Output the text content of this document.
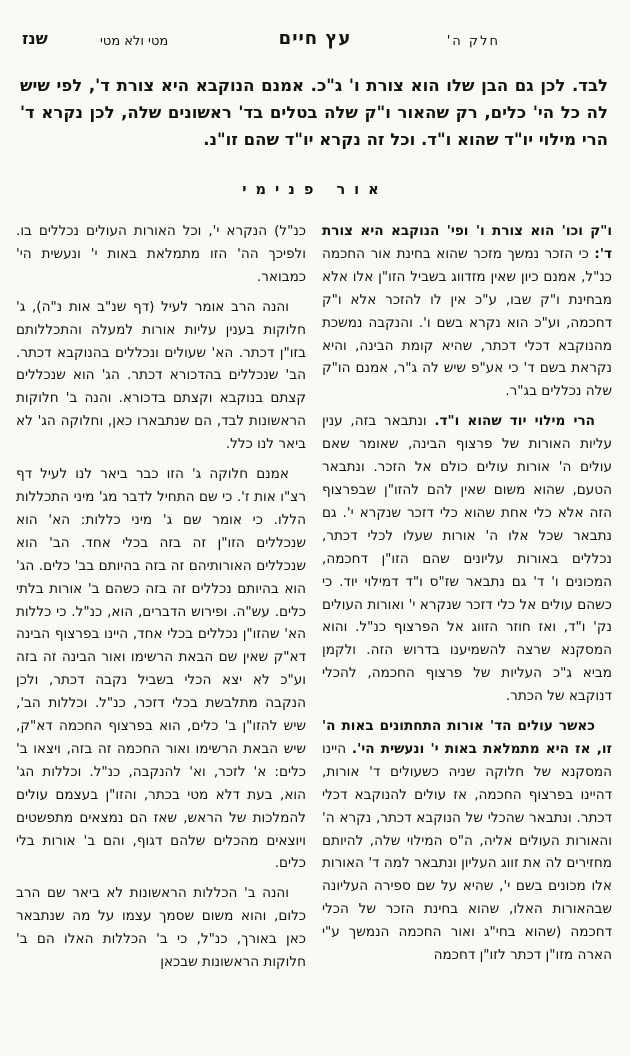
חלק ה'
עץ חיים
מטי ולא מטי
שנז
לבד. לכן גם הבן שלו הוא צורת ו' ג"כ. אמנם הנוקבא היא צורת ד', לפי שיש לה כל הי' כלים, רק שהאור ו"ק שלה בטלים בד' ראשונים שלה, לכן נקרא ד' הרי מילוי יו"ד שהוא ו"ד. וכל זה נקרא יו"ד שהם זו"נ.
אור פנימי

ו"ק וכו' הוא צורת ו' ופי' הנוקבא היא צורת ד': כי הזכר נמשך מזכר שהוא בחינת אור החכמה כנ"ל, אמנם כיון שאין מזדווג בשביל הזו"ן אלו אלא מבחינת ו"ק שבו, ע"כ אין לו להזכר אלא ו"ק דחכמה, וע"כ הוא נקרא בשם ו'. והנקבה נמשכת מהנוקבא דכלי דכתר, שהיא קומת הבינה, והיא נקראת בשם ד' כי אע"פ שיש לה ג"ר, אמנם הו"ק שלה נכללים בג"ר.

הרי מילוי יוד שהוא ו"ד. ונתבאר בזה, ענין עליות האורות של פרצוף הבינה, שאומר שאם עולים ה' אורות עולים כולם אל הזכר. ונתבאר הטעם, שהוא משום שאין להם להזו"ן שבפרצוף הזה אלא כלי אחת שהוא כלי דזכר שנקרא י'. גם נתבאר שכל אלו ה' אורות שעלו לכלי דכתר, נכללים באורות עליונים שהם הזו"ן דחכמה, המכונים ו' ד' גם נתבאר שז"ס ו"ד דמילוי יוד. כי כשהם עולים אל כלי דזכר שנקרא י' ואורות העולים נק' ו"ד, ואז חוזר הזווג אל הפרצוף כנ"ל. והוא המסקנא שרצה להשמיענו בדרוש הזה. ולקמן מביא ג"כ העליות של פרצוף החכמה, להכלי דנוקבא של הכתר.

כאשר עולים הד' אורות התחתונים באות ה' זו, אז היא מתמלאת באות י' ונעשית הי'. היינו המסקנא של חלוקה שניה כשעולים ד' אורות, דהיינו בפרצוף החכמה, אז עולים להנוקבא דכלי דכתר. ונתבאר שהכלי של הנוקבא דכתר, נקרא ה' והאורות העולים אליה, ה"ס המילוי שלה, להיותם מחזירים לה את זווג העליון ונתבאר למה ד' האורות אלו מכונים בשם י', שהיא על שם ספירה העליונה שבהאורות האלו, שהוא בחינת הזכר של הכלי דחכמה (שהוא בחי"ג ואור החכמה הנמשך ע"י הארה מזו"ן דכתר לזו"ן דחכמה

כנ"ל) הנקרא י', וכל האורות העולים נכללים בו. ולפיכך הה' הזו מתמלאת באות י' ונעשית הי' כמבואר.

והנה הרב אומר לעיל (דף שנ"ב אות נ"ה), ג' חלוקות בענין עליות אורות למעלה והתכללותם בזו"ן דכתר. הא' שעולים ונכללים בהנוקבא דכתר. הב' שנכללים בהדכורא דכתר. הג' הוא שנכללים קצתם בנוקבא וקצתם בדכורא. והנה ב' חלוקות הראשונות לבד, הם שנתבארו כאן, וחלוקה הג' לא ביאר לנו כלל.

אמנם חלוקה ג' הזו כבר ביאר לנו לעיל דף רצ"ו אות ז'. כי שם התחיל לדבר מג' מיני התכללות הללו. כי אומר שם ג' מיני כללות: הא' הוא שנכללים הזו"ן זה בזה בכלי אחד. הב' הוא שנכללים האורותיהם זה בזה בהיותם בב' כלים. הג' הוא בהיותם נכללים זה בזה כשהם ב' אורות בלתי כלים. עש"ה. ופירוש הדברים, הוא, כנ"ל. כי כללות הא' שהזו"ן נכללים בכלי אחד, היינו בפרצוף הבינה דא"ק שאין שם הבאת הרשימו ואור הבינה זה בזה וע"כ לא יצא הכלי בשביל נקבה דכתר, ולכן הנקבה מתלבשת בכלי דזכר, כנ"ל. וכללות הב', שיש להזו"ן ב' כלים, הוא בפרצוף החכמה דא"ק, שיש הבאת הרשימו ואור החכמה זה בזה, ויצאו ב' כלים: א' לזכר, וא' להנקבה, כנ"ל. וכללות הג' הוא, בעת דלא מטי בכתר, והזו"ן בעצמם עולים להמלכות של הראש, שאז הם נמצאים מתפשטים ויוצאים מהכלים שלהם דגוף, והם ב' אורות בלי כלים.

והנה ב' הכללות הראשונות לא ביאר שם הרב כלום, והוא משום שסמך עצמו על מה שנתבאר כאן באורך, כנ"ל, כי ב' הכללות האלו הם ב' חלוקות הראשונות שבכאן
